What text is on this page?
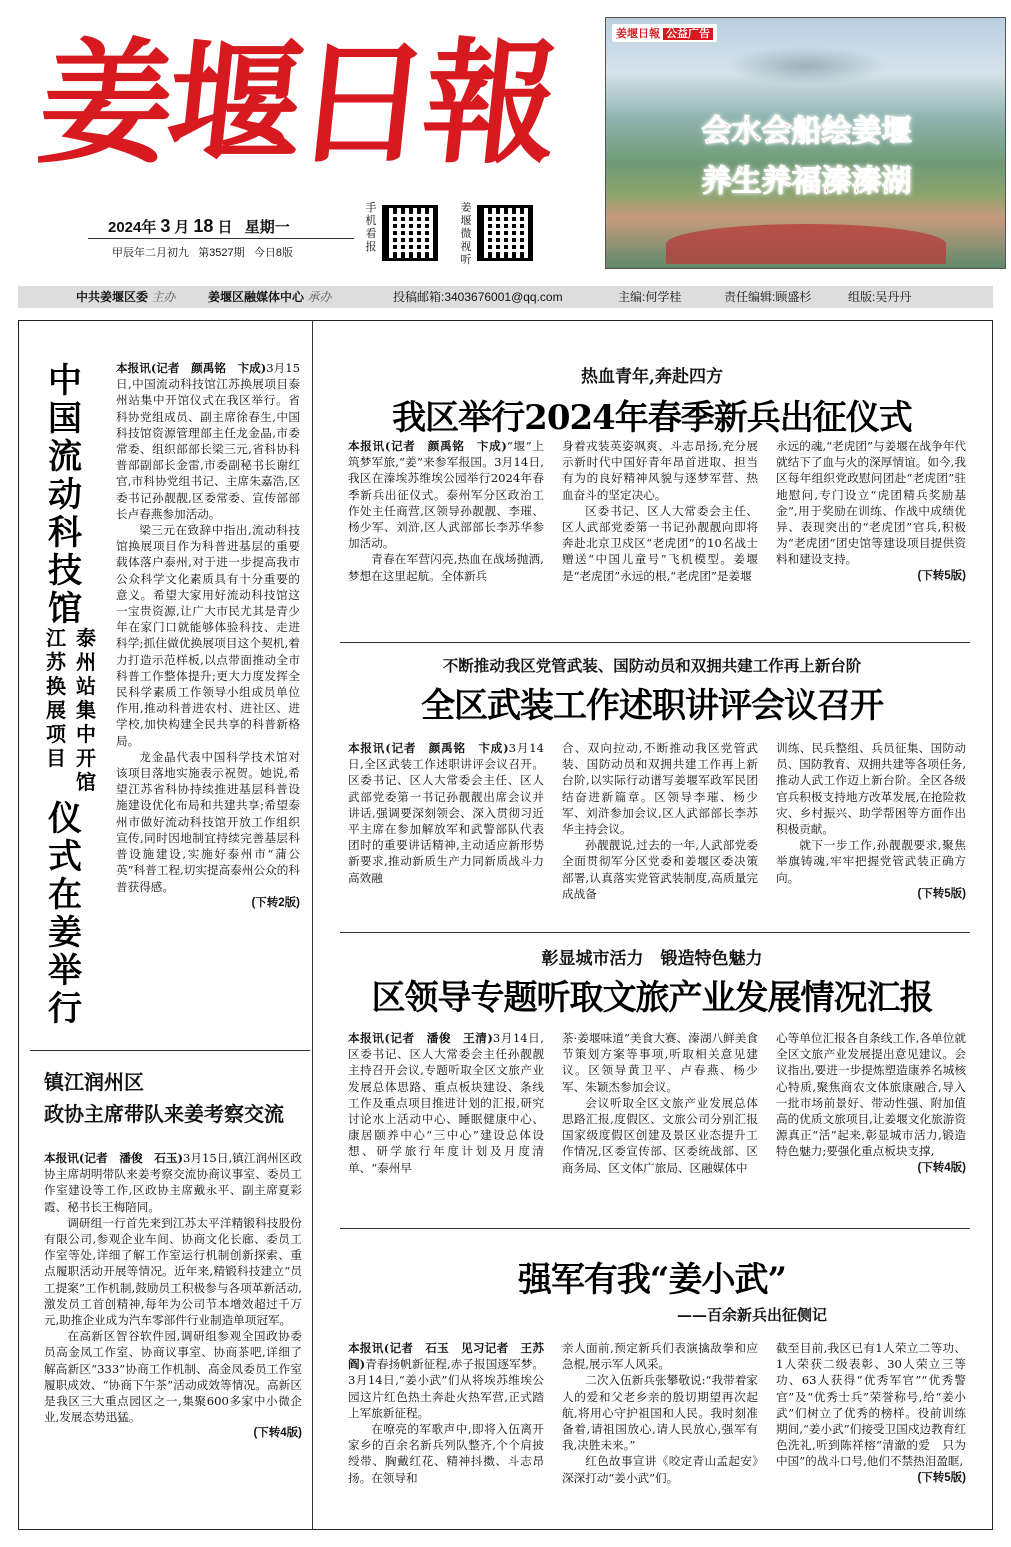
姜堰日報
2024年 3 月 18 日 星期一
甲辰年二月初九 第3527期 今日8版
手机看报
姜堰微视听
姜堰日報 公益广告
会水会船绘姜堰
养生养福溱溱湖
中共姜堰区委 主办	姜堰区融媒体中心 承办	投稿邮箱:3403676001@qq.com	主编:何学桂	责任编辑:顾盛杉	组版:吴丹丹
中
国
流
动
科
技
馆
江
苏
换
展
项
目
泰
州
站
集
中
开
馆
仪
式
在
姜
举
行

本报讯(记者　颜禹铭　卞成)3月15日,中国流动科技馆江苏换展项目泰州站集中开馆仪式在我区举行。省科协党组成员、副主席徐春生,中国科技馆资源管理部主任龙金晶,市委常委、组织部部长梁三元,省科协科普部副部长金雷,市委副秘书长谢红官,市科协党组书记、主席朱嘉浩,区委书记孙靓靓,区委常委、宣传部部长卢春燕参加活动。

梁三元在致辞中指出,流动科技馆换展项目作为科普进基层的重要载体落户泰州,对于进一步提高我市公众科学文化素质具有十分重要的意义。希望大家用好流动科技馆这一宝贵资源,让广大市民尤其是青少年在家门口就能够体验科技、走进科学;抓住做优换展项目这个契机,着力打造示范样板,以点带面推动全市科普工作整体提升;更大力度发挥全民科学素质工作领导小组成员单位作用,推动科普进农村、进社区、进学校,加快构建全民共享的科普新格局。

龙金晶代表中国科学技术馆对该项目落地实施表示祝贺。她说,希望江苏省科协持续推进基层科普设施建设优化布局和共建共享;希望泰州市做好流动科技馆开放工作组织宣传,同时因地制宜持续完善基层科普设施建设,实施好泰州市“蒲公英”科普工程,切实提高泰州公众的科普获得感。

(下转2版)
镇江润州区
政协主席带队来姜考察交流

本报讯(记者　潘俊　石玉)3月15日,镇江润州区政协主席胡明带队来姜考察交流协商议事室、委员工作室建设等工作,区政协主席戴永平、副主席夏彩霞、秘书长王梅陪同。

调研组一行首先来到江苏太平洋精锻科技股份有限公司,参观企业车间、协商文化长廊、委员工作室等处,详细了解工作室运行机制创新探索、重点履职活动开展等情况。近年来,精锻科技建立“员工提案”工作机制,鼓励员工积极参与各项革新活动,激发员工首创精神,每年为公司节本增效超过千万元,助推企业成为汽车零部件行业制造单项冠军。

在高新区智谷软件园,调研组参观全国政协委员高金凤工作室、协商议事室、协商茶吧,详细了解高新区“333”协商工作机制、高金凤委员工作室履职成效、“协商下午茶”活动成效等情况。高新区是我区三大重点园区之一,集聚600多家中小微企业,发展态势迅猛。

(下转4版)
热血青年,奔赴四方
我区举行2024年春季新兵出征仪式

本报讯(记者　颜禹铭　卞成)“堰”上筑梦军旅,“姜”来参军报国。3月14日,我区在溱埃苏维埃公园举行2024年春季新兵出征仪式。泰州军分区政治工作处主任商营,区领导孙靓靓、李璀、杨少军、刘浒,区人武部部长李苏华参加活动。

青春在军营闪亮,热血在战场抛洒,梦想在这里起航。全体新兵

身着戎装英姿飒爽、斗志昂扬,充分展示新时代中国好青年昂首进取、担当有为的良好精神风貌与逐梦军营、热血奋斗的坚定决心。

区委书记、区人大常委会主任、区人武部党委第一书记孙靓靓向即将奔赴北京卫戍区“老虎团”的10名战士赠送“中国儿童号”飞机模型。姜堰是“老虎团”永远的根,“老虎团”是姜堰

永远的魂,“老虎团”与姜堰在战争年代就结下了血与火的深厚情谊。如今,我区每年组织党政慰问团赴“老虎团”驻地慰问,专门设立“虎团精兵奖励基金”,用于奖励在训练、作战中成绩优异、表现突出的“老虎团”官兵,积极为“老虎团”团史馆等建设项目提供资料和建设支持。

(下转5版)
不断推动我区党管武装、国防动员和双拥共建工作再上新台阶
全区武装工作述职讲评会议召开

本报讯(记者　颜禹铭　卞成)3月14日,全区武装工作述职讲评会议召开。区委书记、区人大常委会主任、区人武部党委第一书记孙靓靓出席会议并讲话,强调要深刻领会、深入贯彻习近平主席在参加解放军和武警部队代表团时的重要讲话精神,主动适应新形势新要求,推动新质生产力同新质战斗力高效融

合、双向拉动,不断推动我区党管武装、国防动员和双拥共建工作再上新台阶,以实际行动谱写姜堰军政军民团结奋进新篇章。区领导李璀、杨少军、刘浒参加会议,区人武部部长李苏华主持会议。

孙靓靓说,过去的一年,人武部党委全面贯彻军分区党委和姜堰区委决策部署,认真落实党管武装制度,高质量完成战备

训练、民兵整组、兵员征集、国防动员、国防教育、双拥共建等各项任务,推动人武工作迈上新台阶。全区各级官兵积极支持地方改革发展,在抢险救灾、乡村振兴、助学帮困等方面作出积极贡献。

就下一步工作,孙靓靓要求,聚焦举旗铸魂,牢牢把握党管武装正确方向。

(下转5版)
彰显城市活力　锻造特色魅力
区领导专题听取文旅产业发展情况汇报

本报讯(记者　潘俊　王清)3月14日,区委书记、区人大常委会主任孙靓靓主持召开会议,专题听取全区文旅产业发展总体思路、重点板块建设、条线工作及重点项目推进计划的汇报,研究讨论水上活动中心、睡眠健康中心、康居颐养中心“三中心”建设总体设想、研学旅行年度计划及月度清单、“泰州早

茶·姜堰味道”美食大赛、溱湖八鲜美食节策划方案等事项,听取相关意见建议。区领导黄卫平、卢春燕、杨少军、朱颖杰参加会议。

会议听取全区文旅产业发展总体思路汇报,度假区、文旅公司分别汇报国家级度假区创建及景区业态提升工作情况,区委宣传部、区委统战部、区商务局、区文体广旅局、区融媒体中

心等单位汇报各自条线工作,各单位就全区文旅产业发展提出意见建议。会议指出,要进一步提炼塑造康养名城核心特质,聚焦商农文体旅康融合,导入一批市场前景好、带动性强、附加值高的优质文旅项目,让姜堰文化旅游资源真正“活”起来,彰显城市活力,锻造特色魅力;要强化重点板块支撑,

(下转4版)
强军有我“姜小武”
——百余新兵出征侧记

本报讯(记者　石玉　见习记者　王苏阎)青春扬帆新征程,赤子报国逐军梦。3月14日,“姜小武”们从将埃苏维埃公园这片红色热土奔赴火热军营,正式踏上军旅新征程。

在嘹亮的军歌声中,即将入伍离开家乡的百余名新兵列队整齐,个个肩披绶带、胸戴红花、精神抖擞、斗志昂扬。在领导和

亲人面前,预定新兵们表演擒敌拳和应急棍,展示军人风采。

二次入伍新兵张攀敬说:“我带着家人的爱和父老乡亲的殷切期望再次起航,将用心守护祖国和人民。我时刻准备着,请祖国放心,请人民放心,强军有我,决胜未来。”

红色故事宣讲《咬定青山孟起安》深深打动“姜小武”们。

截至目前,我区已有1人荣立二等功、1人荣获二级表彰、30人荣立三等功、63人获得“优秀军官”“优秀警官”及“优秀士兵”荣誉称号,给“姜小武”们树立了优秀的榜样。役前训练期间,“姜小武”们接受卫国戍边教育红色洗礼,听到陈祥榕“清澈的爱　只为中国”的战斗口号,他们不禁热泪盈眶,

(下转5版)
